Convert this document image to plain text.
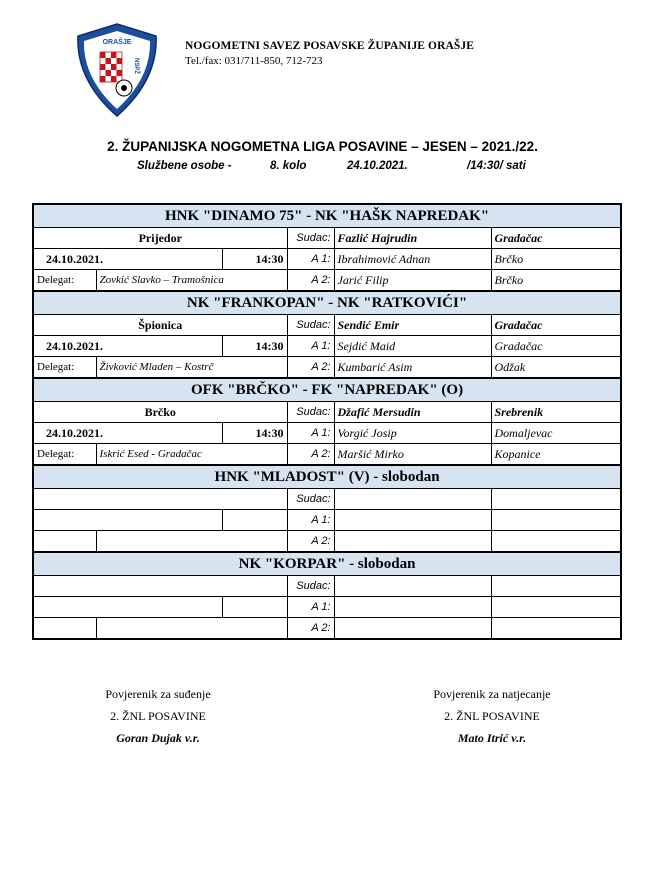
ORAŠJE
NSPŽ
NOGOMETNI SAVEZ POSAVSKE ŽUPANIJE ORAŠJE
Tel./fax: 031/711-850, 712-723
2. ŽUPANIJSKA NOGOMETNA LIGA POSAVINE – JESEN – 2021./22.
Službene osobe -	8. kolo	24.10.2021.	/14:30/ sati
HNK "DINAMO 75" - NK "HAŠK NAPREDAK"					
Prijedor			Sudac:	Fazlić Hajrudin	Gradačac
24.10.2021.		14:30	A 1:	Ibrahimović Adnan	Brčko
Delegat:	Zovkić Slavko – Tramošnica		A 2:	Jarić Filip	Brčko
NK "FRANKOPAN" - NK "RATKOVIĆI"					
Špionica			Sudac:	Sendić Emir	Gradačac
24.10.2021.		14:30	A 1:	Sejdić Maid	Gradačac
Delegat:	Živković Mladen – Kostrč		A 2:	Kumbarić Asim	Odžak
OFK "BRČKO" - FK "NAPREDAK" (O)					
Brčko			Sudac:	Džafić Mersudin	Srebrenik
24.10.2021.		14:30	A 1:	Vorgić Josip	Domaljevac
Delegat:	Iskrić Esed - Gradačac		A 2:	Maršić Mirko	Kopanice
HNK "MLADOST" (V) - slobodan					
			Sudac:		
			A 1:		
			A 2:		
NK "KORPAR" - slobodan					
			Sudac:		
			A 1:		
			A 2:		
Povjerenik za suđenje
2. ŽNL POSAVINE
Goran Dujak v.r.
Povjerenik za natjecanje
2. ŽNL POSAVINE
Mato Itrić v.r.
